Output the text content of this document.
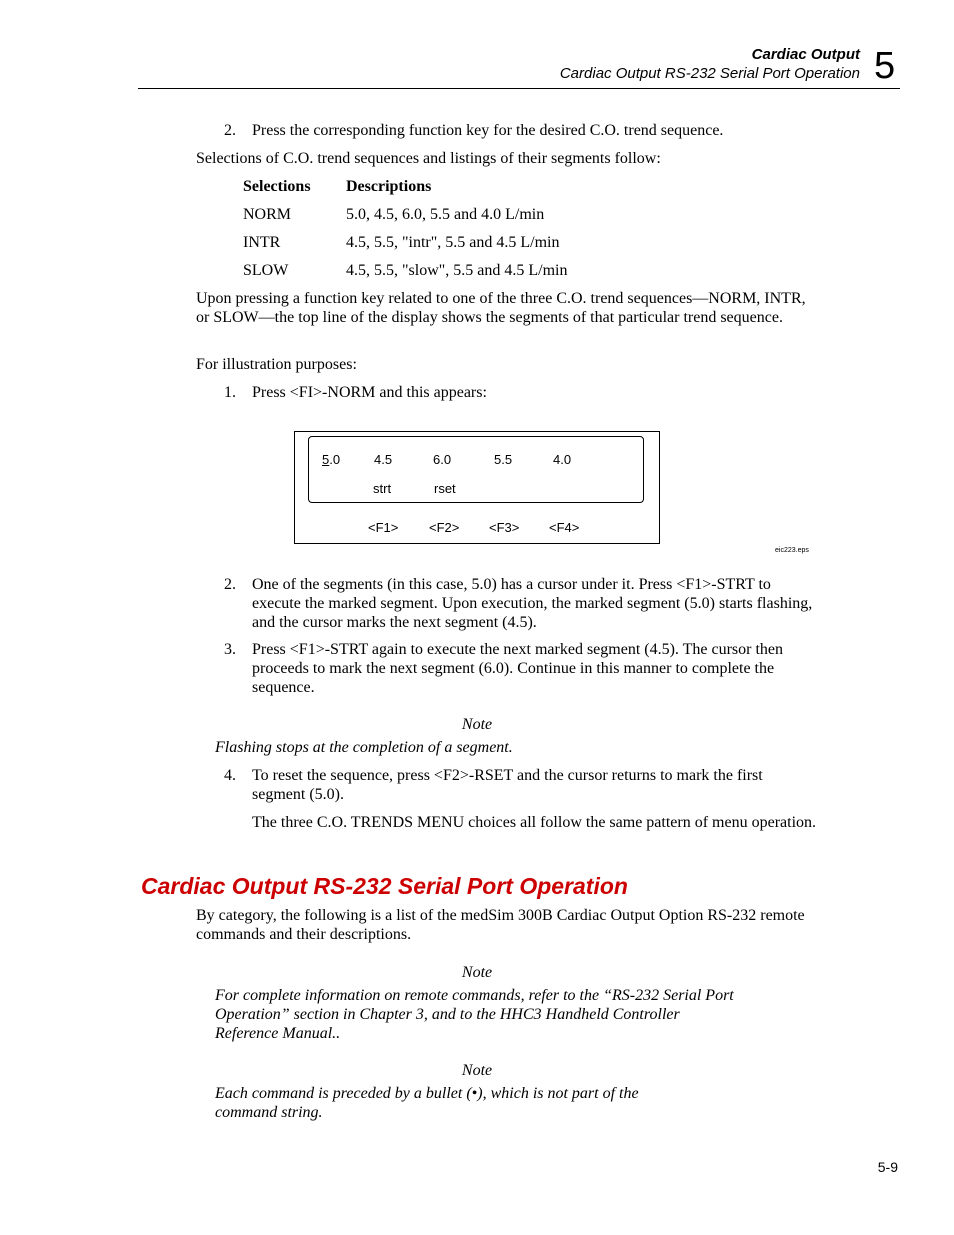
Cardiac Output
Cardiac Output RS-232 Serial Port Operation 5
2.	Press the corresponding function key for the desired C.O. trend sequence.
Selections of C.O. trend sequences and listings of their segments follow:
Selections Descriptions
NORM	5.0, 4.5, 6.0, 5.5 and 4.0 L/min
INTR	4.5, 5.5, "intr", 5.5 and 4.5 L/min
SLOW	4.5, 5.5, "slow", 5.5 and 4.5 L/min
Upon pressing a function key related to one of the three C.O. trend sequences—NORM, INTR, or SLOW—the top line of the display shows the segments of that particular trend sequence.
For illustration purposes:
1.	Press <FI>-NORM and this appears:
5.0	4.5	6.0	5.5	4.0
strt	rset
<F1> <F2> <F3> <F4>
eic223.eps
2.	One of the segments (in this case, 5.0) has a cursor under it. Press <F1>-STRT to execute the marked segment. Upon execution, the marked segment (5.0) starts flashing, and the cursor marks the next segment (4.5).
3.	Press <F1>-STRT again to execute the next marked segment (4.5). The cursor then proceeds to mark the next segment (6.0). Continue in this manner to complete the sequence.
Note
Flashing stops at the completion of a segment.
4.	To reset the sequence, press <F2>-RSET and the cursor returns to mark the first segment (5.0).
The three C.O. TRENDS MENU choices all follow the same pattern of menu operation.
Cardiac Output RS-232 Serial Port Operation
By category, the following is a list of the medSim 300B Cardiac Output Option RS-232 remote commands and their descriptions.
Note
For complete information on remote commands, refer to the “RS-232 Serial Port Operation” section in Chapter 3, and to the HHC3 Handheld Controller Reference Manual..
Note
Each command is preceded by a bullet (•), which is not part of the command string.
5-9
